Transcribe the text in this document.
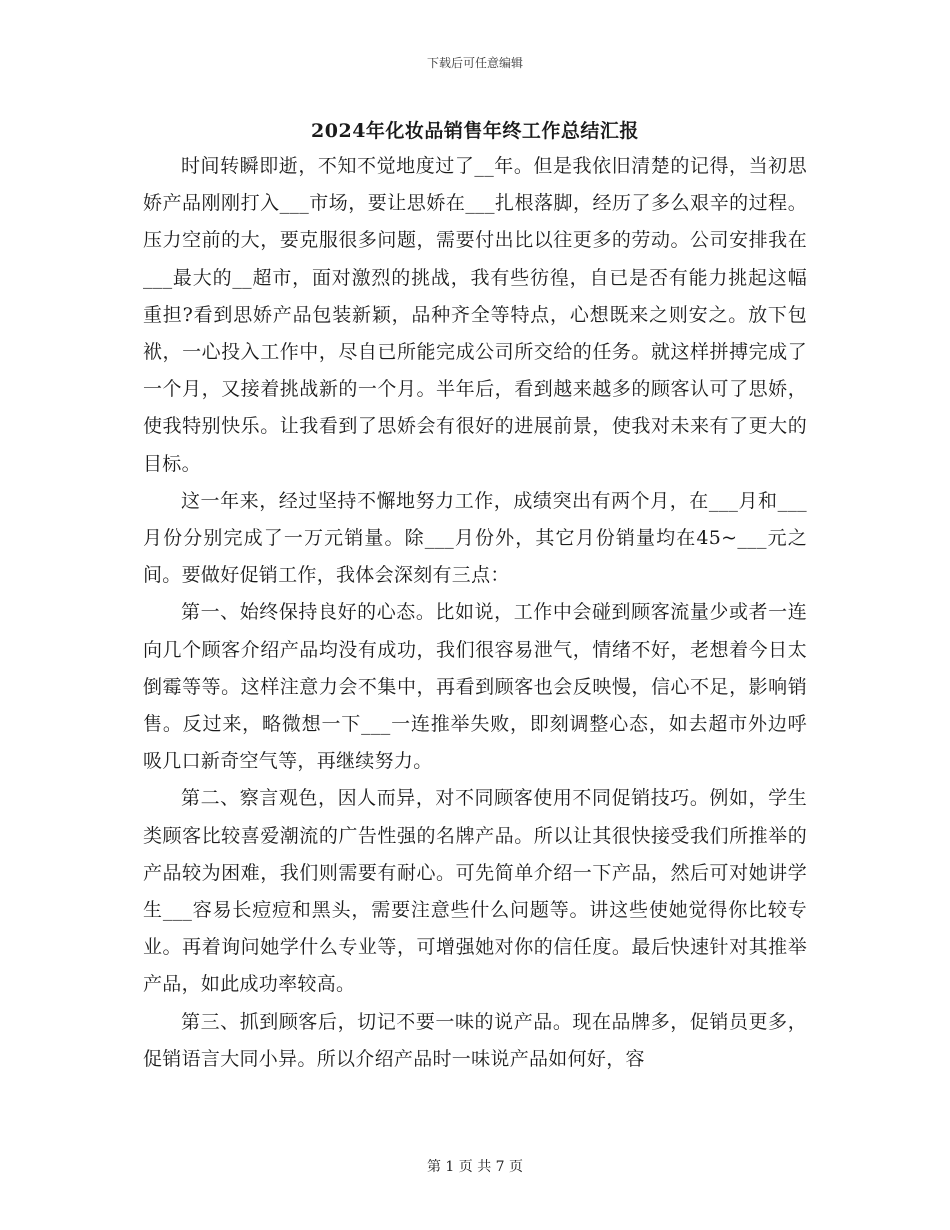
下载后可任意编辑
2024年化妆品销售年终工作总结汇报

时间转瞬即逝，不知不觉地度过了__年。但是我依旧清楚的记得，当初思娇产品刚刚打入___市场，要让思娇在___扎根落脚，经历了多么艰辛的过程。压力空前的大，要克服很多问题，需要付出比以往更多的劳动。公司安排我在___最大的__超市，面对激烈的挑战，我有些彷徨，自已是否有能力挑起这幅重担?看到思娇产品包装新颖，品种齐全等特点，心想既来之则安之。放下包袱，一心投入工作中，尽自已所能完成公司所交给的任务。就这样拼搏完成了一个月，又接着挑战新的一个月。半年后，看到越来越多的顾客认可了思娇，使我特别快乐。让我看到了思娇会有很好的进展前景，使我对未来有了更大的目标。

这一年来，经过坚持不懈地努力工作，成绩突出有两个月，在___月和___月份分别完成了一万元销量。除___月份外，其它月份销量均在45~___元之间。要做好促销工作，我体会深刻有三点：

第一、始终保持良好的心态。比如说，工作中会碰到顾客流量少或者一连向几个顾客介绍产品均没有成功，我们很容易泄气，情绪不好，老想着今日太倒霉等等。这样注意力会不集中，再看到顾客也会反映慢，信心不足，影响销售。反过来，略微想一下___一连推举失败，即刻调整心态，如去超市外边呼吸几口新奇空气等，再继续努力。

第二、察言观色，因人而异，对不同顾客使用不同促销技巧。例如，学生类顾客比较喜爱潮流的广告性强的名牌产品。所以让其很快接受我们所推举的产品较为困难，我们则需要有耐心。可先简单介绍一下产品，然后可对她讲学生___容易长痘痘和黑头，需要注意些什么问题等。讲这些使她觉得你比较专业。再着询问她学什么专业等，可增强她对你的信任度。最后快速针对其推举产品，如此成功率较高。

第三、抓到顾客后，切记不要一味的说产品。现在品牌多，促销员更多，促销语言大同小异。所以介绍产品时一味说产品如何好，容

第 1 页 共 7 页
